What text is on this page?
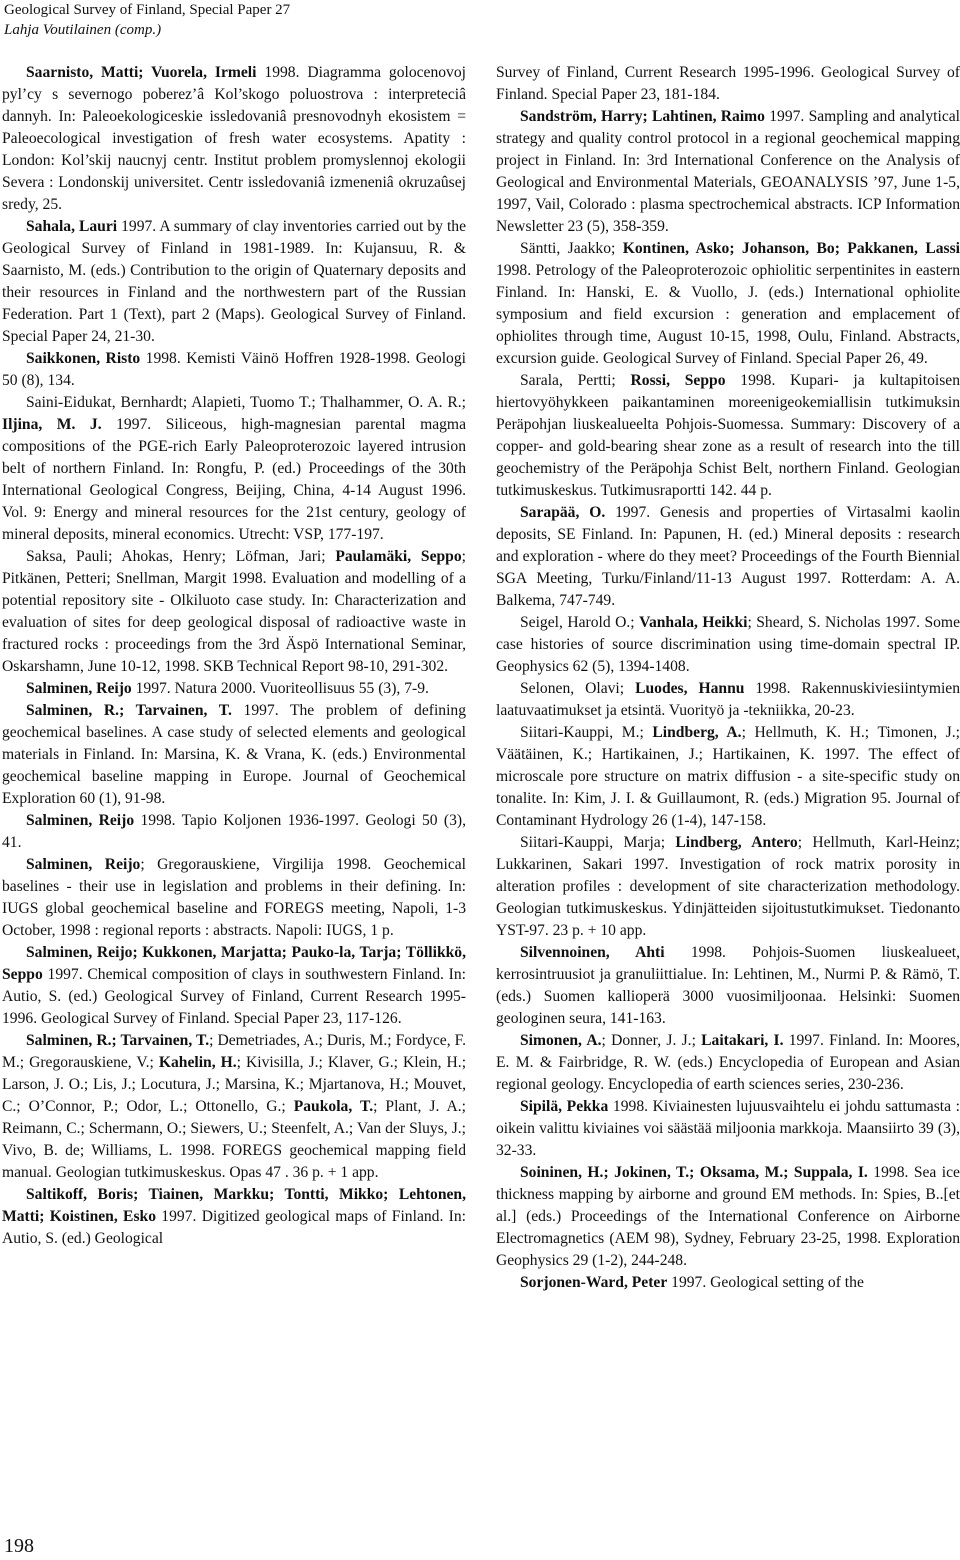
Geological Survey of Finland, Special Paper 27
Lahja Voutilainen (comp.)

Saarnisto, Matti; Vuorela, Irmeli 1998. Diagramma golocenovoj pyl’cy s severnogo poberez’â Kol’skogo poluostrova : interpreteciâ dannyh. In: Paleoekologiceskie issledovaniâ presnovodnyh ekosistem = Paleoecological investigation of fresh water ecosystems. Apatity : London: Kol’skij naucnyj centr. Institut problem promyslennoj ekologii Severa : Londonskij universitet. Centr issledovaniâ izmeneniâ okruzaûsej sredy, 25.

Sahala, Lauri 1997. A summary of clay inventories carried out by the Geological Survey of Finland in 1981-1989. In: Kujansuu, R. & Saarnisto, M. (eds.) Contribution to the origin of Quaternary deposits and their resources in Finland and the northwestern part of the Russian Federation. Part 1 (Text), part 2 (Maps). Geological Survey of Finland. Special Paper 24, 21-30.

Saikkonen, Risto 1998. Kemisti Väinö Hoffren 1928-1998. Geologi 50 (8), 134.

Saini-Eidukat, Bernhardt; Alapieti, Tuomo T.; Thalhammer, O. A. R.; Iljina, M. J. 1997. Siliceous, high-magnesian parental magma compositions of the PGE-rich Early Paleoproterozoic layered intrusion belt of northern Finland. In: Rongfu, P. (ed.) Proceedings of the 30th International Geological Congress, Beijing, China, 4-14 August 1996. Vol. 9: Energy and mineral resources for the 21st century, geology of mineral deposits, mineral economics. Utrecht: VSP, 177-197.

Saksa, Pauli; Ahokas, Henry; Löfman, Jari; Paulamäki, Seppo; Pitkänen, Petteri; Snellman, Margit 1998. Evaluation and modelling of a potential repository site - Olkiluoto case study. In: Characterization and evaluation of sites for deep geological disposal of radioactive waste in fractured rocks : proceedings from the 3rd Äspö International Seminar, Oskarshamn, June 10-12, 1998. SKB Technical Report 98-10, 291-302.

Salminen, Reijo 1997. Natura 2000. Vuoriteollisuus 55 (3), 7-9.

Salminen, R.; Tarvainen, T. 1997. The problem of defining geochemical baselines. A case study of selected elements and geological materials in Finland. In: Marsina, K. & Vrana, K. (eds.) Environmental geochemical baseline mapping in Europe. Journal of Geochemical Exploration 60 (1), 91-98.

Salminen, Reijo 1998. Tapio Koljonen 1936-1997. Geologi 50 (3), 41.

Salminen, Reijo; Gregorauskiene, Virgilija 1998. Geochemical baselines - their use in legislation and problems in their defining. In: IUGS global geochemical baseline and FOREGS meeting, Napoli, 1-3 October, 1998 : regional reports : abstracts. Napoli: IUGS, 1 p.

Salminen, Reijo; Kukkonen, Marjatta; Pauko-la, Tarja; Töllikkö, Seppo 1997. Chemical composition of clays in southwestern Finland. In: Autio, S. (ed.) Geological Survey of Finland, Current Research 1995-1996. Geological Survey of Finland. Special Paper 23, 117-126.

Salminen, R.; Tarvainen, T.; Demetriades, A.; Duris, M.; Fordyce, F. M.; Gregorauskiene, V.; Kahelin, H.; Kivisilla, J.; Klaver, G.; Klein, H.; Larson, J. O.; Lis, J.; Locutura, J.; Marsina, K.; Mjartanova, H.; Mouvet, C.; O’Connor, P.; Odor, L.; Ottonello, G.; Paukola, T.; Plant, J. A.; Reimann, C.; Schermann, O.; Siewers, U.; Steenfelt, A.; Van der Sluys, J.; Vivo, B. de; Williams, L. 1998. FOREGS geochemical mapping field manual. Geologian tutkimuskeskus. Opas 47 . 36 p. + 1 app.

Saltikoff, Boris; Tiainen, Markku; Tontti, Mikko; Lehtonen, Matti; Koistinen, Esko 1997. Digitized geological maps of Finland. In: Autio, S. (ed.) Geological

Survey of Finland, Current Research 1995-1996. Geological Survey of Finland. Special Paper 23, 181-184.

Sandström, Harry; Lahtinen, Raimo 1997. Sampling and analytical strategy and quality control protocol in a regional geochemical mapping project in Finland. In: 3rd International Conference on the Analysis of Geological and Environmental Materials, GEOANALYSIS ’97, June 1-5, 1997, Vail, Colorado : plasma spectrochemical abstracts. ICP Information Newsletter 23 (5), 358-359.

Säntti, Jaakko; Kontinen, Asko; Johanson, Bo; Pakkanen, Lassi 1998. Petrology of the Paleoproterozoic ophiolitic serpentinites in eastern Finland. In: Hanski, E. & Vuollo, J. (eds.) International ophiolite symposium and field excursion : generation and emplacement of ophiolites through time, August 10-15, 1998, Oulu, Finland. Abstracts, excursion guide. Geological Survey of Finland. Special Paper 26, 49.

Sarala, Pertti; Rossi, Seppo 1998. Kupari- ja kultapitoisen hiertovyöhykkeen paikantaminen moreenigeokemiallisin tutkimuksin Peräpohjan liuskealueelta Pohjois-Suomessa. Summary: Discovery of a copper- and gold-bearing shear zone as a result of research into the till geochemistry of the Peräpohja Schist Belt, northern Finland. Geologian tutkimuskeskus. Tutkimusraportti 142. 44 p.

Sarapää, O. 1997. Genesis and properties of Virtasalmi kaolin deposits, SE Finland. In: Papunen, H. (ed.) Mineral deposits : research and exploration - where do they meet? Proceedings of the Fourth Biennial SGA Meeting, Turku/Finland/11-13 August 1997. Rotterdam: A. A. Balkema, 747-749.

Seigel, Harold O.; Vanhala, Heikki; Sheard, S. Nicholas 1997. Some case histories of source discrimination using time-domain spectral IP. Geophysics 62 (5), 1394-1408.

Selonen, Olavi; Luodes, Hannu 1998. Rakennuskiviesiintymien laatuvaatimukset ja etsintä. Vuorityö ja -tekniikka, 20-23.

Siitari-Kauppi, M.; Lindberg, A.; Hellmuth, K. H.; Timonen, J.; Väätäinen, K.; Hartikainen, J.; Hartikainen, K. 1997. The effect of microscale pore structure on matrix diffusion - a site-specific study on tonalite. In: Kim, J. I. & Guillaumont, R. (eds.) Migration 95. Journal of Contaminant Hydrology 26 (1-4), 147-158.

Siitari-Kauppi, Marja; Lindberg, Antero; Hellmuth, Karl-Heinz; Lukkarinen, Sakari 1997. Investigation of rock matrix porosity in alteration profiles : development of site characterization methodology. Geologian tutkimuskeskus. Ydinjätteiden sijoitustutkimukset. Tiedonanto YST-97. 23 p. + 10 app.

Silvennoinen, Ahti 1998. Pohjois-Suomen liuskealueet, kerrosintruusiot ja granuliittialue. In: Lehtinen, M., Nurmi P. & Rämö, T. (eds.) Suomen kallioperä 3000 vuosimiljoonaa. Helsinki: Suomen geologinen seura, 141-163.

Simonen, A.; Donner, J. J.; Laitakari, I. 1997. Finland. In: Moores, E. M. & Fairbridge, R. W. (eds.) Encyclopedia of European and Asian regional geology. Encyclopedia of earth sciences series, 230-236.

Sipilä, Pekka 1998. Kiviainesten lujuusvaihtelu ei johdu sattumasta : oikein valittu kiviaines voi säästää miljoonia markkoja. Maansiirto 39 (3), 32-33.

Soininen, H.; Jokinen, T.; Oksama, M.; Suppala, I. 1998. Sea ice thickness mapping by airborne and ground EM methods. In: Spies, B..[et al.] (eds.) Proceedings of the International Conference on Airborne Electromagnetics (AEM 98), Sydney, February 23-25, 1998. Exploration Geophysics 29 (1-2), 244-248.

Sorjonen-Ward, Peter 1997. Geological setting of the

198
